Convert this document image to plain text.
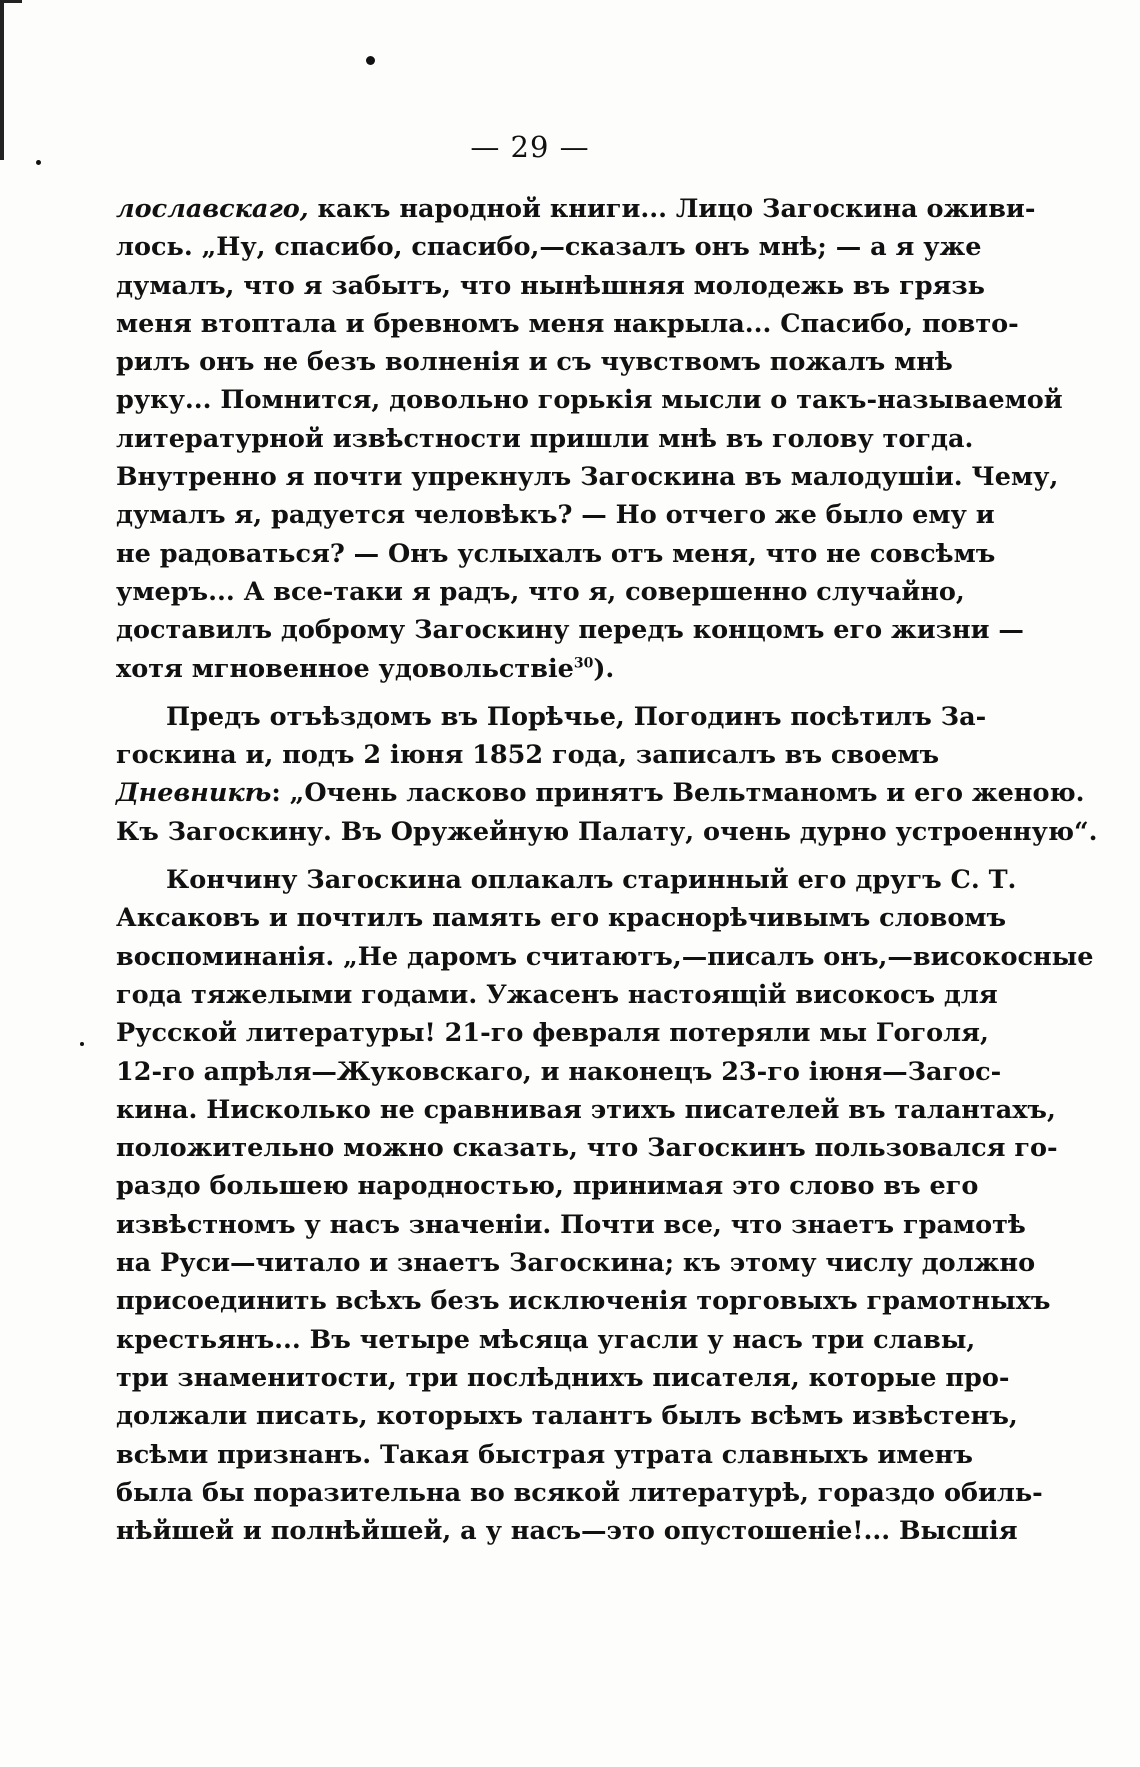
— 29 —
лославскаго, какъ народной книги... Лицо Загоскина оживи-
лось. „Ну, спасибо, спасибо,—сказалъ онъ мнѣ; — а я уже
думалъ, что я забытъ, что нынѣшняя молодежь въ грязь
меня втоптала и бревномъ меня накрыла... Спасибо, повто-
рилъ онъ не безъ волненія и съ чувствомъ пожалъ мнѣ
руку... Помнится, довольно горькія мысли о такъ-называемой
литературной извѣстности пришли мнѣ въ голову тогда.
Внутренно я почти упрекнулъ Загоскина въ малодушіи. Чему,
думалъ я, радуется человѣкъ? — Но отчего же было ему и
не радоваться? — Онъ услыхалъ отъ меня, что не совсѣмъ
умеръ... А все-таки я радъ, что я, совершенно случайно,
доставилъ доброму Загоскину передъ концомъ его жизни —
хотя мгновенное удовольствіе$^{30}$).
Предъ отъѣздомъ въ Порѣчье, Погодинъ посѣтилъ За-
госкина и, подъ 2 іюня 1852 года, записалъ въ своемъ
Дневникѣ: „Очень ласково принятъ Вельтманомъ и его женою.
Къ Загоскину. Въ Оружейную Палату, очень дурно устроенную“.
Кончину Загоскина оплакалъ старинный его другъ С. Т.
Аксаковъ и почтилъ память его краснорѣчивымъ словомъ
воспоминанія. „Не даромъ считаютъ,—писалъ онъ,—високосные
года тяжелыми годами. Ужасенъ настоящій високосъ для
Русской литературы! 21-го февраля потеряли мы Гоголя,
12-го апрѣля—Жуковскаго, и наконецъ 23-го іюня—Загос-
кина. Нисколько не сравнивая этихъ писателей въ талантахъ,
положительно можно сказать, что Загоскинъ пользовался го-
раздо большею народностью, принимая это слово въ его
извѣстномъ у насъ значеніи. Почти все, что знаетъ грамотѣ
на Руси—читало и знаетъ Загоскина; къ этому числу должно
присоединить всѣхъ безъ исключенія торговыхъ грамотныхъ
крестьянъ... Въ четыре мѣсяца угасли у насъ три славы,
три знаменитости, три послѣднихъ писателя, которые про-
должали писать, которыхъ талантъ былъ всѣмъ извѣстенъ,
всѣми признанъ. Такая быстрая утрата славныхъ именъ
была бы поразительна во всякой литературѣ, гораздо обиль-
нѣйшей и полнѣйшей, а у насъ—это опустошеніе!... Высшія
